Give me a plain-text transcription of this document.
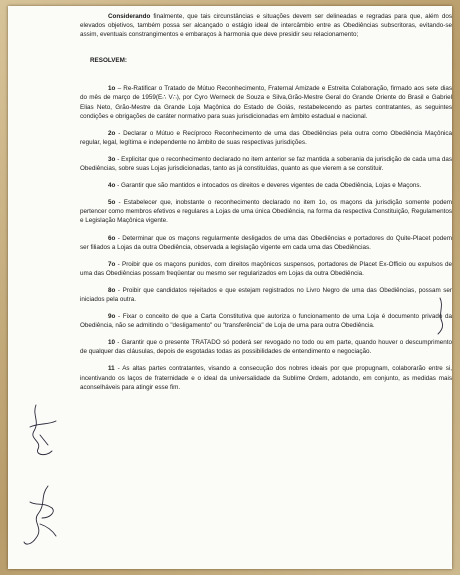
Considerando finalmente, que tais circunstâncias e situações devem ser delineadas e regradas para que, além dos elevados objetivos, também possa ser alcançado o estágio ideal de intercâmbio entre as Obediências subscritoras, evitando-se assim, eventuais constrangimentos e embaraços à harmonia que deve presidir seu relacionamento;

RESOLVEM:

1o – Re-Ratificar o Tratado de Mútuo Reconhecimento, Fraternal Amizade e Estreita Colaboração, firmado aos sete dias do mês de março de 1959(E∴ V∴), por Cyro Werneck de Souza e Silva,Grão-Mestre Geral do Grande Oriente do Brasil e Gabriel Elias Neto, Grão-Mestre da Grande Loja Maçônica do Estado de Goiás, restabelecendo as partes contratantes, as seguintes condições e obrigações de caráter normativo para suas jurisdicionadas em âmbito estadual e nacional.

2o - Declarar o Mútuo e Recíproco Reconhecimento de uma das Obediências pela outra como Obediência Maçônica regular, legal, legítima e independente no âmbito de suas respectivas jurisdições.

3o - Explicitar que o reconhecimento declarado no item anterior se faz mantida a soberania da jurisdição de cada uma das Obediências, sobre suas Lojas jurisdicionadas, tanto as já constituídas, quanto as que vierem a se constituir.

4o - Garantir que são mantidos e intocados os direitos e deveres vigentes de cada Obediência, Lojas e Maçons.

5o - Estabelecer que, inobstante o reconhecimento declarado no item 1o, os maçons da jurisdição somente podem pertencer como membros efetivos e regulares a Lojas de uma única Obediência, na forma da respectiva Constituição, Regulamentos e Legislação Maçônica vigente.

6o - Determinar que os maçons regularmente desligados de uma das Obediências e portadores do Quite-Placet podem ser filiados a Lojas da outra Obediência, observada a legislação vigente em cada uma das Obediências.

7o - Proibir que os maçons punidos, com direitos maçônicos suspensos, portadores de Placet Ex-Officio ou expulsos de uma das Obediências possam freqüentar ou mesmo ser regularizados em Lojas da outra Obediência.

8o - Proibir que candidatos rejeitados e que estejam registrados no Livro Negro de uma das Obediências, possam ser iniciados pela outra.

9o - Fixar o conceito de que a Carta Constitutiva que autoriza o funcionamento de uma Loja é documento privado da Obediência, não se admitindo o "desligamento" ou "transferência" de Loja de uma para outra Obediência.

10 - Garantir que o presente TRATADO só poderá ser revogado no todo ou em parte, quando houver o descumprimento de qualquer das cláusulas, depois de esgotadas todas as possibilidades de entendimento e negociação.

11 - As altas partes contratantes, visando a consecução dos nobres ideais por que propugnam, colaborarão entre si, incentivando os laços de fraternidade e o ideal da universalidade da Sublime Ordem, adotando, em conjunto, as medidas mais aconselháveis para atingir esse fim.
